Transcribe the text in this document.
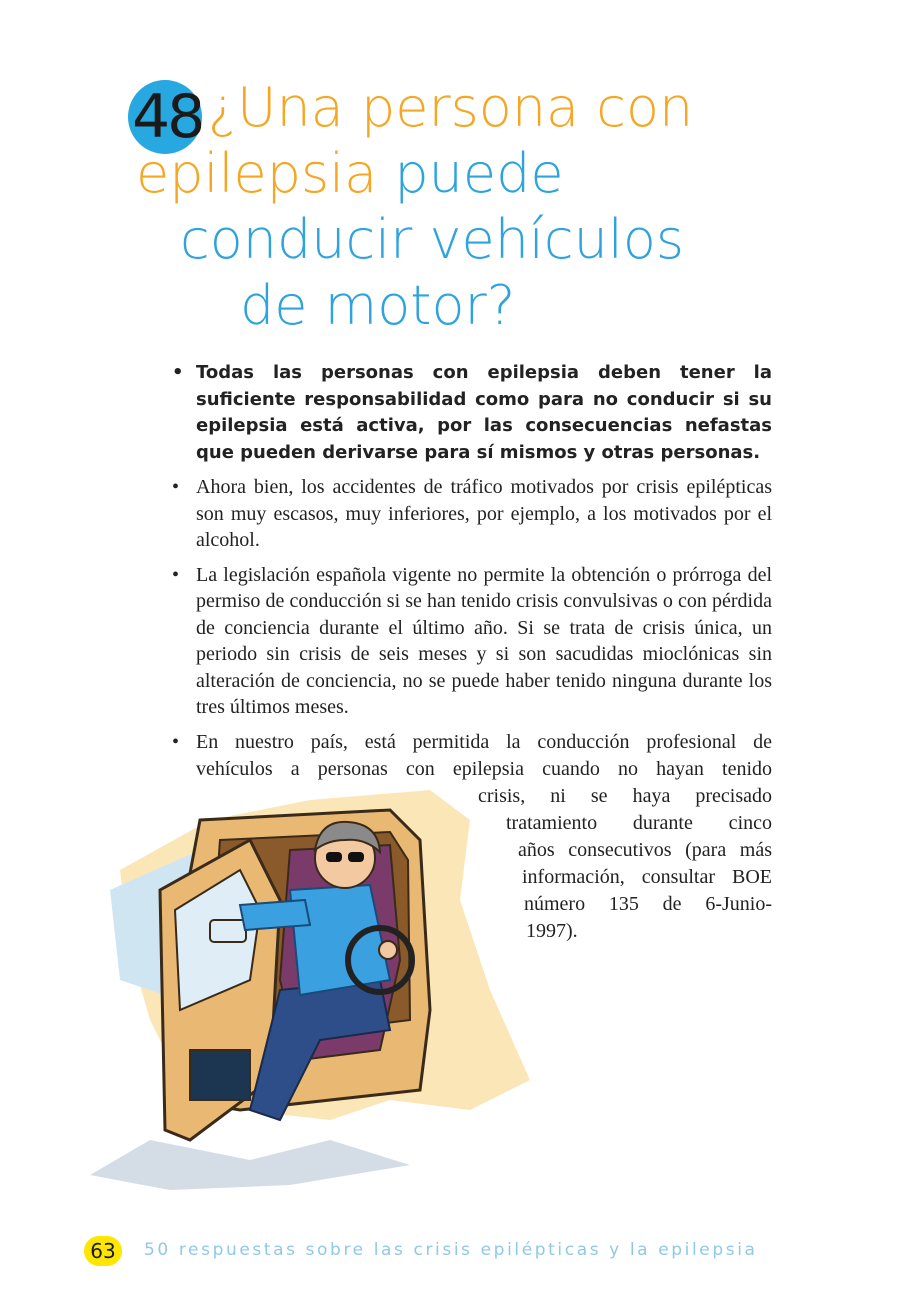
48 ¿Una persona con
epilepsia puede
conducir vehículos
de motor?
• Todas las personas con epilepsia deben tener la suficiente responsabilidad como para no conducir si su epilepsia está activa, por las consecuencias nefastas que pueden derivarse para sí mismos y otras personas.
• Ahora bien, los accidentes de tráfico motivados por crisis epilépticas son muy escasos, muy inferiores, por ejemplo, a los motivados por el alcohol.
• La legislación española vigente no permite la obtención o prórroga del permiso de conducción si se han tenido crisis convulsivas o con pérdida de conciencia durante el último año. Si se trata de crisis única, un periodo sin crisis de seis meses y si son sacudidas mioclónicas sin alteración de conciencia, no se puede haber tenido ninguna durante los tres últimos meses.
• En nuestro país, está permitida la conducción profesional de
vehículos a personas con epilepsia cuando no hayan tenido
crisis, ni se haya precisado
tratamiento durante cinco
años consecutivos (para más
información, consultar BOE
número 135 de 6-Junio-
1997).
63	50 respuestas sobre las crisis epilépticas y la epilepsia
